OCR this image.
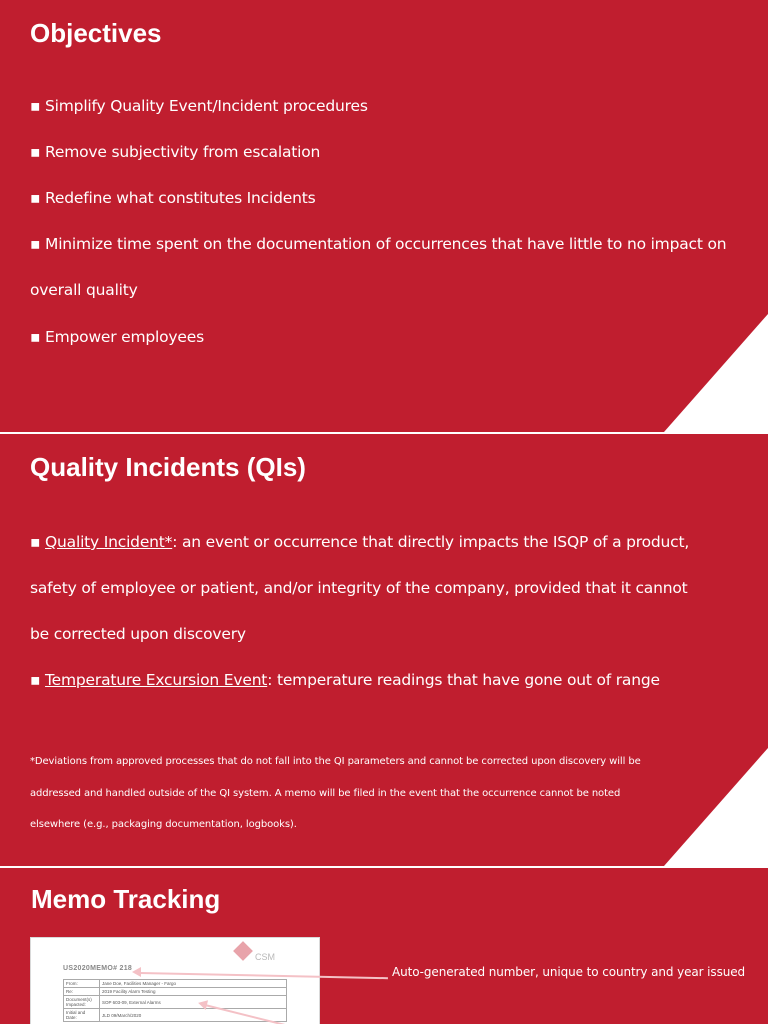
Objectives

▪ Simplify Quality Event/Incident procedures

▪ Remove subjectivity from escalation

▪ Redefine what constitutes Incidents

▪ Minimize time spent on the documentation of occurrences that have little to no impact on

overall quality

▪ Empower employees

Quality Incidents (QIs)

▪ Quality Incident*: an event or occurrence that directly impacts the ISQP of a product,

safety of employee or patient, and/or integrity of the company, provided that it cannot

be corrected upon discovery

▪ Temperature Excursion Event: temperature readings that have gone out of range

*Deviations from approved processes that do not fall into the QI parameters and cannot be corrected upon discovery will be

addressed and handled outside of the QI system. A memo will be filed in the event that the occurrence cannot be noted

elsewhere (e.g., packaging documentation, logbooks).

Memo Tracking
CSM
US2020MEMO# 218
From:	Jane Doe, Facilities Manager - Fargo
Re:	2019 Facility Alarm Testing
Document(s) Impacted:	SOP 603-09, External Alarms
Initial and Date:	JLD 09/March/2020

Auto-generated number, unique to country and year issued
